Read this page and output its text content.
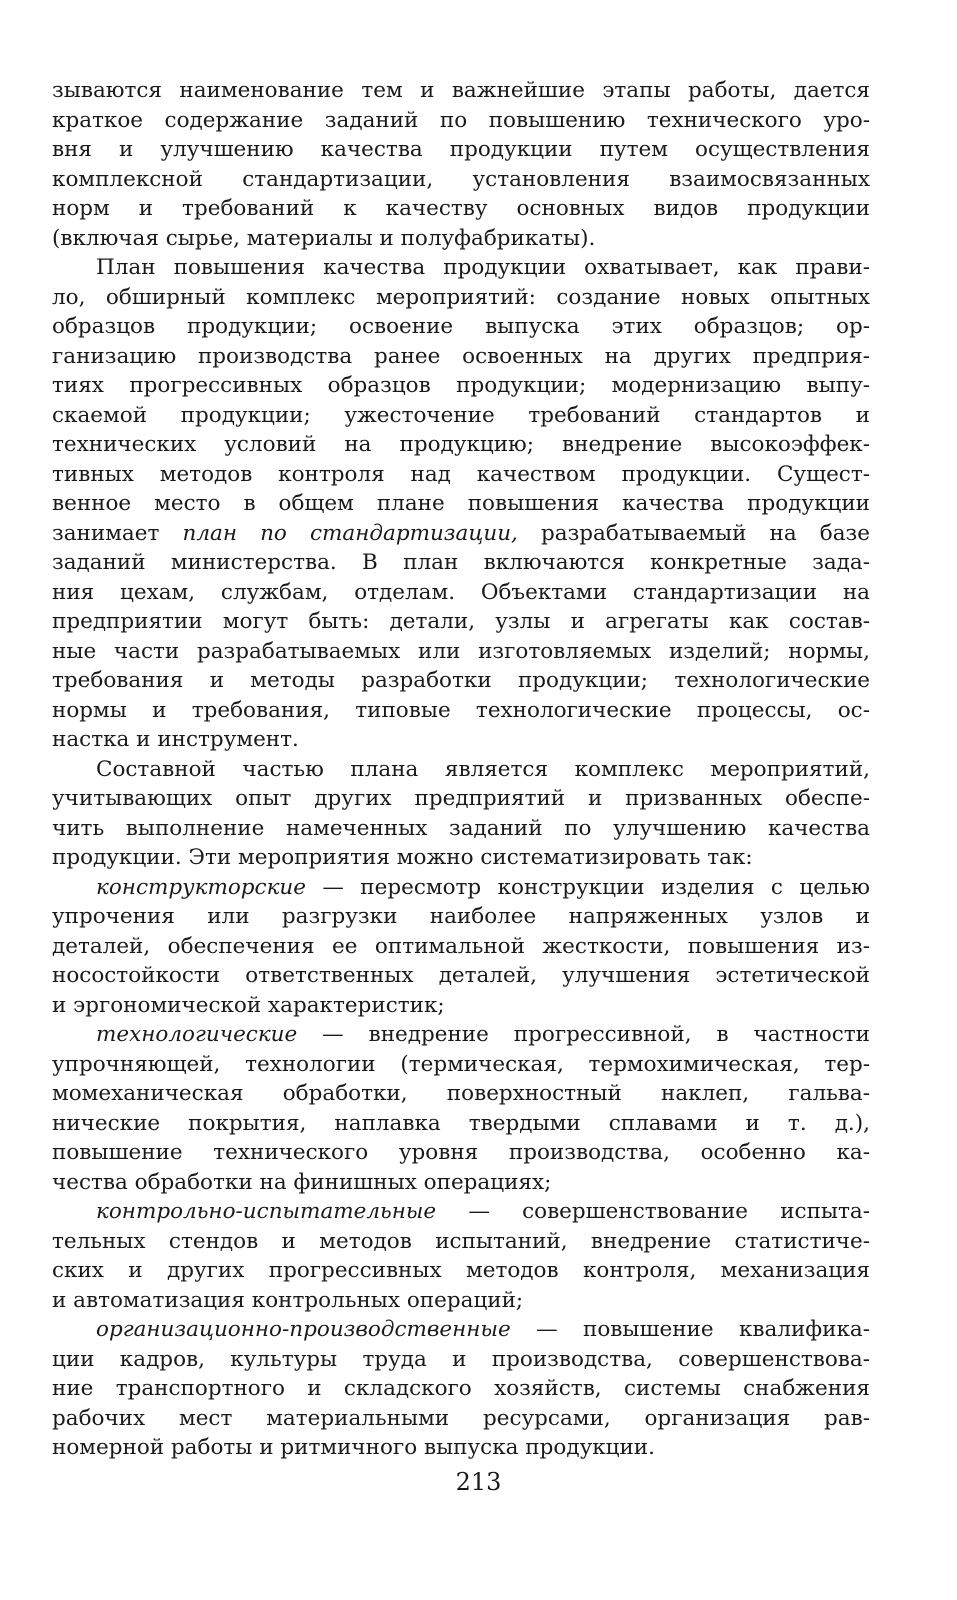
зываются наименование тем и важнейшие этапы работы, дается
краткое содержание заданий по повышению технического уро-
вня и улучшению качества продукции путем осуществления
комплексной стандартизации, установления взаимосвязанных
норм и требований к качеству основных видов продукции
(включая сырье, материалы и полуфабрикаты).
План повышения качества продукции охватывает, как прави-
ло, обширный комплекс мероприятий: создание новых опытных
образцов продукции; освоение выпуска этих образцов; ор-
ганизацию производства ранее освоенных на других предприя-
тиях прогрессивных образцов продукции; модернизацию выпу-
скаемой продукции; ужесточение требований стандартов и
технических условий на продукцию; внедрение высокоэффек-
тивных методов контроля над качеством продукции. Сущест-
венное место в общем плане повышения качества продукции
занимает план по стандартизации, разрабатываемый на базе
заданий министерства. В план включаются конкретные зада-
ния цехам, службам, отделам. Объектами стандартизации на
предприятии могут быть: детали, узлы и агрегаты как состав-
ные части разрабатываемых или изготовляемых изделий; нормы,
требования и методы разработки продукции; технологические
нормы и требования, типовые технологические процессы, ос-
настка и инструмент.
Составной частью плана является комплекс мероприятий,
учитывающих опыт других предприятий и призванных обеспе-
чить выполнение намеченных заданий по улучшению качества
продукции. Эти мероприятия можно систематизировать так:
конструкторские — пересмотр конструкции изделия с целью
упрочения или разгрузки наиболее напряженных узлов и
деталей, обеспечения ее оптимальной жесткости, повышения из-
носостойкости ответственных деталей, улучшения эстетической
и эргономической характеристик;
технологические — внедрение прогрессивной, в частности
упрочняющей, технологии (термическая, термохимическая, тер-
момеханическая обработки, поверхностный наклеп, гальва-
нические покрытия, наплавка твердыми сплавами и т. д.),
повышение технического уровня производства, особенно ка-
чества обработки на финишных операциях;
контрольно-испытательные — совершенствование испыта-
тельных стендов и методов испытаний, внедрение статистиче-
ских и других прогрессивных методов контроля, механизация
и автоматизация контрольных операций;
организационно-производственные — повышение квалифика-
ции кадров, культуры труда и производства, совершенствова-
ние транспортного и складского хозяйств, системы снабжения
рабочих мест материальными ресурсами, организация рав-
номерной работы и ритмичного выпуска продукции.
213
